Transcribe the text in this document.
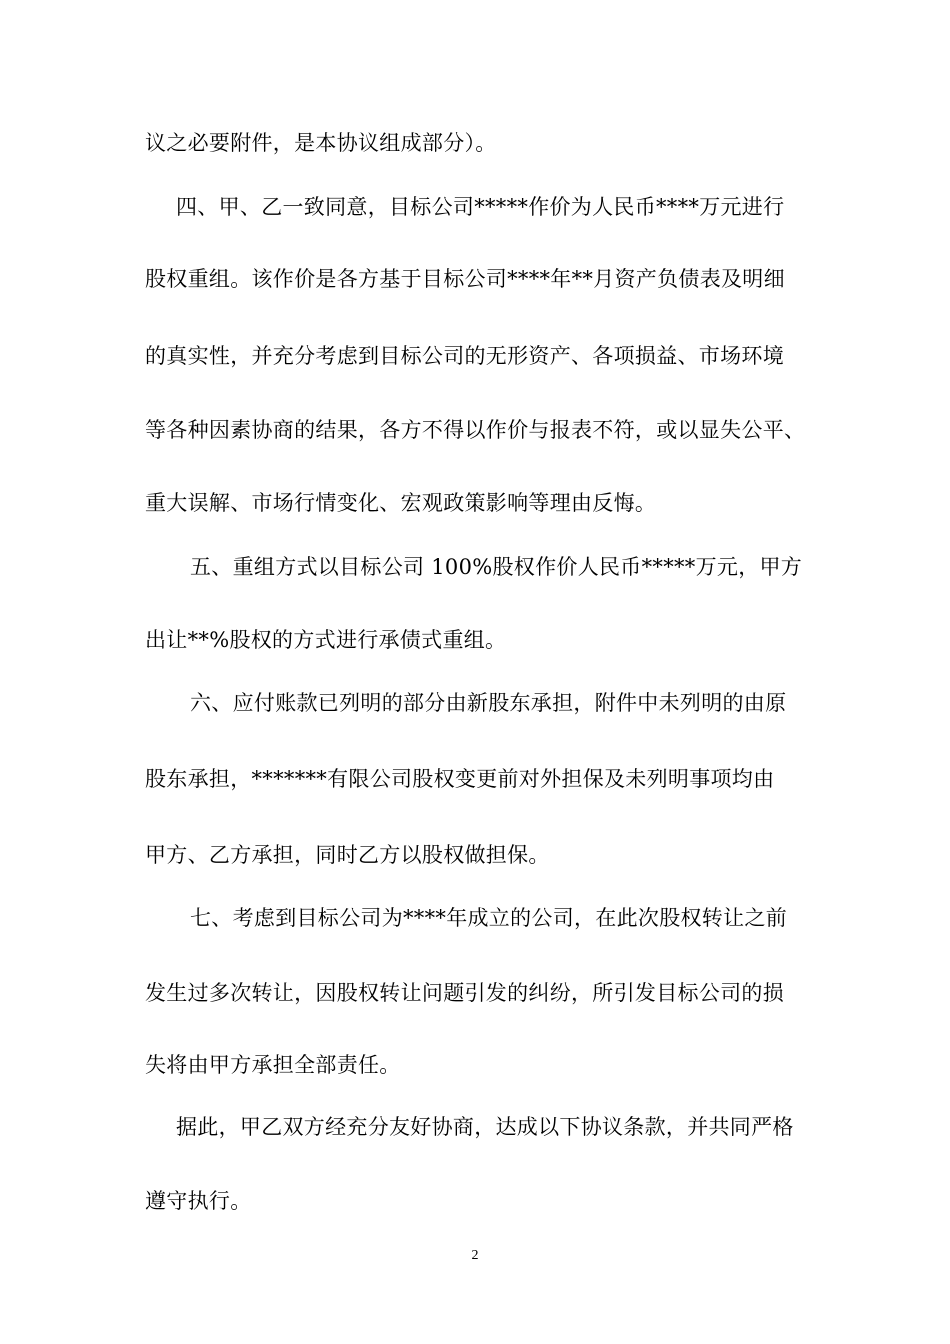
议之必要附件，是本协议组成部分）。
四、甲、乙一致同意，目标公司*****作价为人民币****万元进行
股权重组。该作价是各方基于目标公司****年**月资产负债表及明细
的真实性，并充分考虑到目标公司的无形资产、各项损益、市场环境
等各种因素协商的结果，各方不得以作价与报表不符，或以显失公平、
重大误解、市场行情变化、宏观政策影响等理由反悔。
五、重组方式以目标公司 100%股权作价人民币*****万元，甲方
出让**%股权的方式进行承债式重组。
六、应付账款已列明的部分由新股东承担，附件中未列明的由原
股东承担，*******有限公司股权变更前对外担保及未列明事项均由
甲方、乙方承担，同时乙方以股权做担保。
七、考虑到目标公司为****年成立的公司，在此次股权转让之前
发生过多次转让，因股权转让问题引发的纠纷，所引发目标公司的损
失将由甲方承担全部责任。
据此，甲乙双方经充分友好协商，达成以下协议条款，并共同严格
遵守执行。
2
